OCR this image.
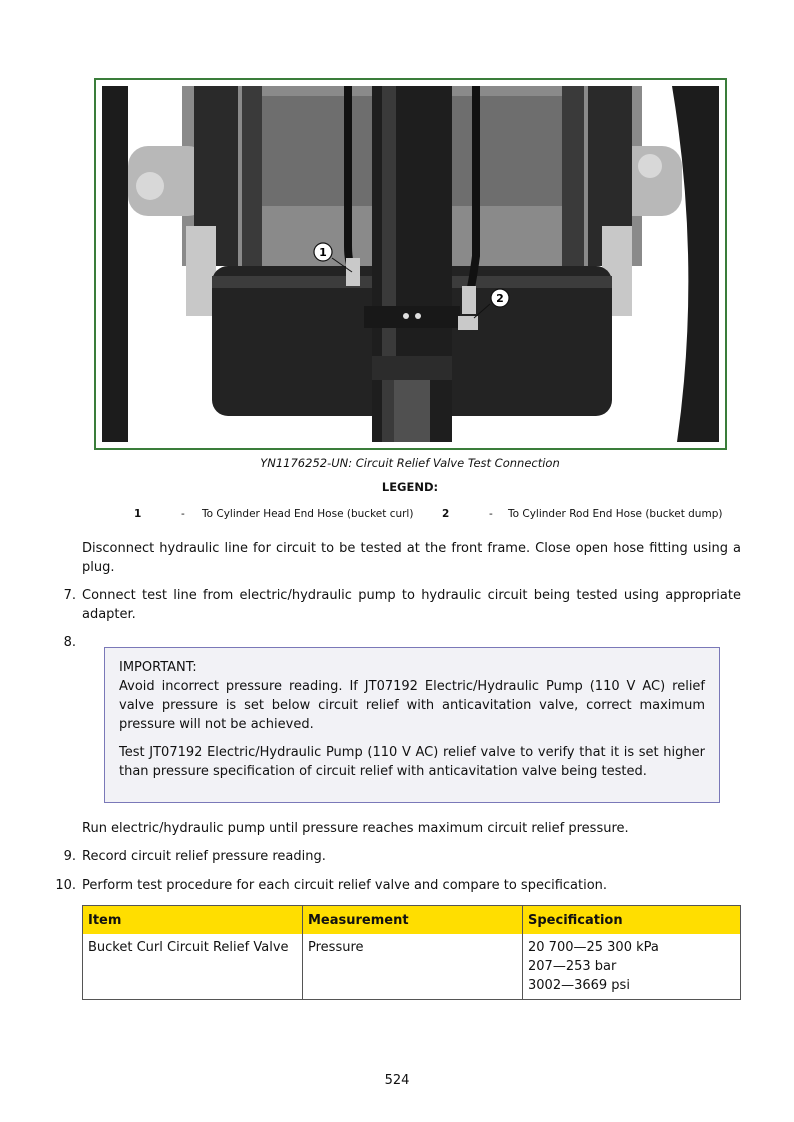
1
2
YN1176252-UN: Circuit Relief Valve Test Connection
LEGEND:
1	- To Cylinder Head End Hose (bucket curl)	2	- To Cylinder Rod End Hose (bucket dump)
Disconnect hydraulic line for circuit to be tested at the front frame. Close open hose fitting using a plug.
7. Connect test line from electric/hydraulic pump to hydraulic circuit being tested using appropriate adapter.
8.

IMPORTANT:

Avoid incorrect pressure reading. If JT07192 Electric/Hydraulic Pump (110 V AC) relief valve pressure is set below circuit relief with anticavitation valve, correct maximum pressure will not be achieved.

Test JT07192 Electric/Hydraulic Pump (110 V AC) relief valve to verify that it is set higher than pressure specification of circuit relief with anticavitation valve being tested.

Run electric/hydraulic pump until pressure reaches maximum circuit relief pressure.
9. Record circuit relief pressure reading.
10. Perform test procedure for each circuit relief valve and compare to specification.
Item	Measurement	Specification
Bucket Curl Circuit Relief Valve	Pressure	20 700—25 300 kPa
207—253 bar
3002—3669 psi
524
